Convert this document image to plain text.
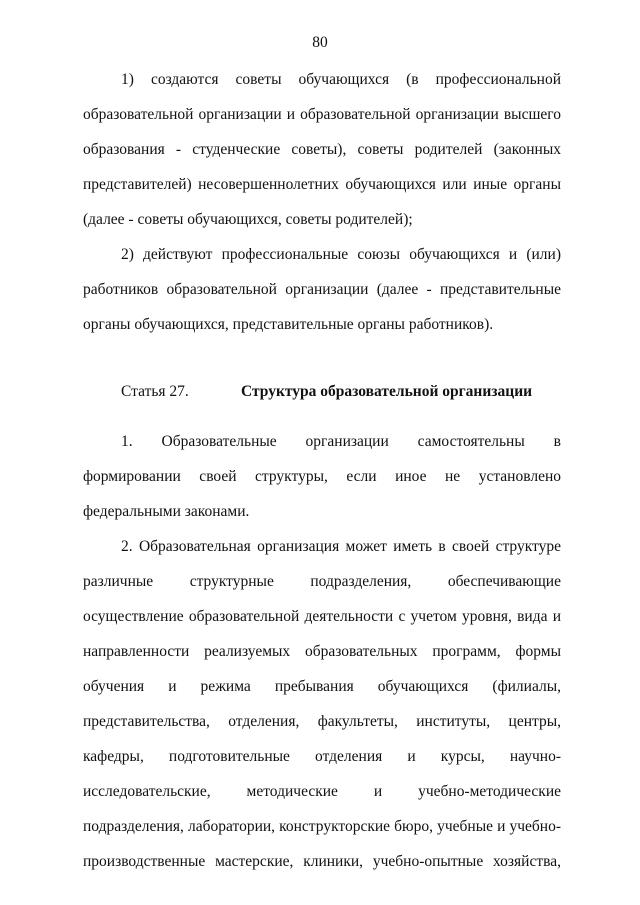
80

1) создаются советы обучающихся (в профессиональной образовательной организации и образовательной организации высшего образования - студенческие советы), советы родителей (законных представителей) несовершеннолетних обучающихся или иные органы (далее - советы обучающихся, советы родителей);

2) действуют профессиональные союзы обучающихся и (или) работников образовательной организации (далее - представительные органы обучающихся, представительные органы работников).

Статья 27.	Структура образовательной организации

1. Образовательные организации самостоятельны в формировании своей структуры, если иное не установлено федеральными законами.

2. Образовательная организация может иметь в своей структуре различные структурные подразделения, обеспечивающие осуществление образовательной деятельности с учетом уровня, вида и направленности реализуемых образовательных программ, формы обучения и режима пребывания обучающихся (филиалы, представительства, отделения, факультеты, институты, центры, кафедры, подготовительные отделения и курсы, научно-исследовательские, методические и учебно-методические подразделения, лаборатории, конструкторские бюро, учебные и учебно-производственные мастерские, клиники, учебно-опытные хозяйства,
